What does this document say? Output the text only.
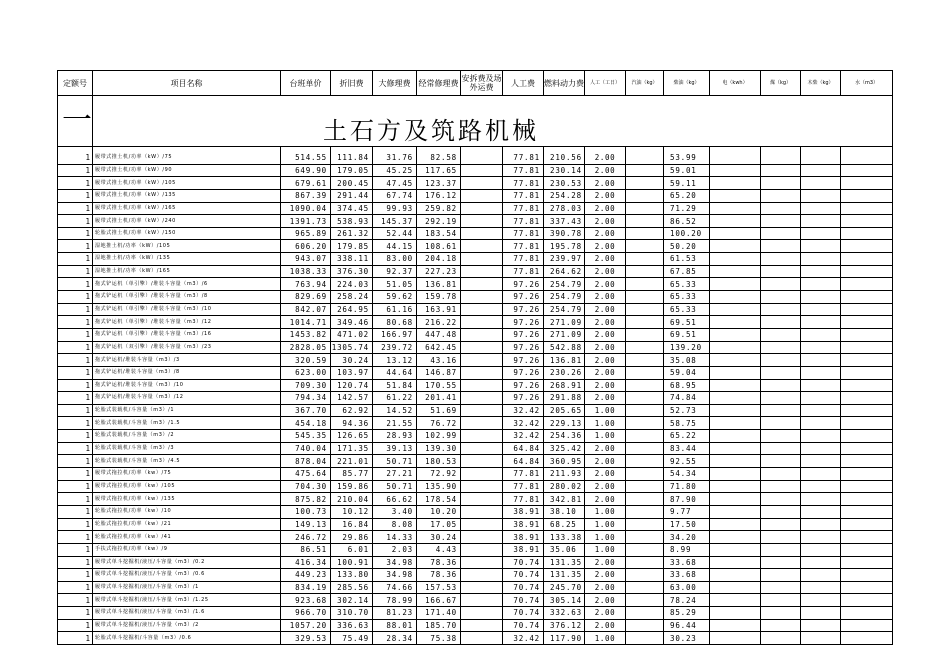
定额号	项目名称	台班单价	折旧费	大修理费	经常修理费	安拆费及场外运费	人工费	燃料动力费	人工（工日）	汽油（kg）	柴油（kg）	电（kwh）	煤（kg）	木柴（kg）	水（m3）
一	土石方及筑路机械														

1	履带式推土机/功率（kW）/75	514.55	111.84	31.76	82.58		77.81	210.56	2.00		53.99				
1	履带式推土机/功率（kW）/90	649.90	179.05	45.25	117.65		77.81	230.14	2.00		59.01				
1	履带式推土机/功率（kW）/105	679.61	200.45	47.45	123.37		77.81	230.53	2.00		59.11				
1	履带式推土机/功率（kW）/135	867.39	291.44	67.74	176.12		77.81	254.28	2.00		65.20				
1	履带式推土机/功率（kW）/165	1090.04	374.45	99.93	259.82		77.81	278.03	2.00		71.29				
1	履带式推土机/功率（kW）/240	1391.73	538.93	145.37	292.19		77.81	337.43	2.00		86.52				
1	轮胎式推土机/功率（kW）/150	965.89	261.32	52.44	183.54		77.81	390.78	2.00		100.20				
1	湿地推土机/功率（kW）/105	606.20	179.85	44.15	108.61		77.81	195.78	2.00		50.20				
1	湿地推土机/功率（kW）/135	943.07	338.11	83.00	204.18		77.81	239.97	2.00		61.53				
1	湿地推土机/功率（kW）/165	1038.33	376.30	92.37	227.23		77.81	264.62	2.00		67.85				
1	拖式铲运机（单引擎）/堆装斗容量（m3）/6	763.94	224.03	51.05	136.81		97.26	254.79	2.00		65.33				
1	拖式铲运机（单引擎）/堆装斗容量（m3）/8	829.69	258.24	59.62	159.78		97.26	254.79	2.00		65.33				
1	拖式铲运机（单引擎）/堆装斗容量（m3）/10	842.07	264.95	61.16	163.91		97.26	254.79	2.00		65.33				
1	拖式铲运机（单引擎）/堆装斗容量（m3）/12	1014.71	349.46	80.68	216.22		97.26	271.09	2.00		69.51				
1	拖式铲运机（单引擎）/堆装斗容量（m3）/16	1453.82	471.02	166.97	447.48		97.26	271.09	2.00		69.51				
1	拖式铲运机（双引擎）/堆装斗容量（m3）/23	2828.05	1305.74	239.72	642.45		97.26	542.88	2.00		139.20				
1	拖式铲运机/堆装斗容量（m3）/3	320.59	30.24	13.12	43.16		97.26	136.81	2.00		35.08				
1	拖式铲运机/堆装斗容量（m3）/8	623.00	103.97	44.64	146.87		97.26	230.26	2.00		59.04				
1	拖式铲运机/堆装斗容量（m3）/10	709.30	120.74	51.84	170.55		97.26	268.91	2.00		68.95				
1	拖式铲运机/堆装斗容量（m3）/12	794.34	142.57	61.22	201.41		97.26	291.88	2.00		74.84				
1	轮胎式装载机/斗容量（m3）/1	367.70	62.92	14.52	51.69		32.42	205.65	1.00		52.73				
1	轮胎式装载机/斗容量（m3）/1.5	454.18	94.36	21.55	76.72		32.42	229.13	1.00		58.75				
1	轮胎式装载机/斗容量（m3）/2	545.35	126.65	28.93	102.99		32.42	254.36	1.00		65.22				
1	轮胎式装载机/斗容量（m3）/3	740.04	171.35	39.13	139.30		64.84	325.42	2.00		83.44				
1	轮胎式装载机/斗容量（m3）/4.5	878.04	221.01	50.71	180.53		64.84	360.95	2.00		92.55				
1	履带式拖拉机/功率（kw）/75	475.64	85.77	27.21	72.92		77.81	211.93	2.00		54.34				
1	履带式拖拉机/功率（kw）/105	704.30	159.86	50.71	135.90		77.81	280.02	2.00		71.80				
1	履带式拖拉机/功率（kw）/135	875.82	210.04	66.62	178.54		77.81	342.81	2.00		87.90				
1	轮胎式拖拉机/功率（kw）/10	100.73	10.12	3.40	10.20		38.91	38.10	1.00		9.77				
1	轮胎式拖拉机/功率（kw）/21	149.13	16.84	8.08	17.05		38.91	68.25	1.00		17.50				
1	轮胎式拖拉机/功率（kw）/41	246.72	29.86	14.33	30.24		38.91	133.38	1.00		34.20				
1	手扶式拖拉机/功率（kw）/9	86.51	6.01	2.03	4.43		38.91	35.06	1.00		8.99				
1	履带式单斗挖掘机/液压/斗容量（m3）/0.2	416.34	100.91	34.98	78.36		70.74	131.35	2.00		33.68				
1	履带式单斗挖掘机/液压/斗容量（m3）/0.6	449.23	133.80	34.98	78.36		70.74	131.35	2.00		33.68				
1	履带式单斗挖掘机/液压/斗容量（m3）/1	834.19	285.56	74.66	157.53		70.74	245.70	2.00		63.00				
1	履带式单斗挖掘机/液压/斗容量（m3）/1.25	923.68	302.14	78.99	166.67		70.74	305.14	2.00		78.24				
1	履带式单斗挖掘机/液压/斗容量（m3）/1.6	966.70	310.70	81.23	171.40		70.74	332.63	2.00		85.29				
1	履带式单斗挖掘机/液压/斗容量（m3）/2	1057.20	336.63	88.01	185.70		70.74	376.12	2.00		96.44				
1	轮胎式单斗挖掘机/斗容量（m3）/0.6	329.53	75.49	28.34	75.38		32.42	117.90	1.00		30.23				
